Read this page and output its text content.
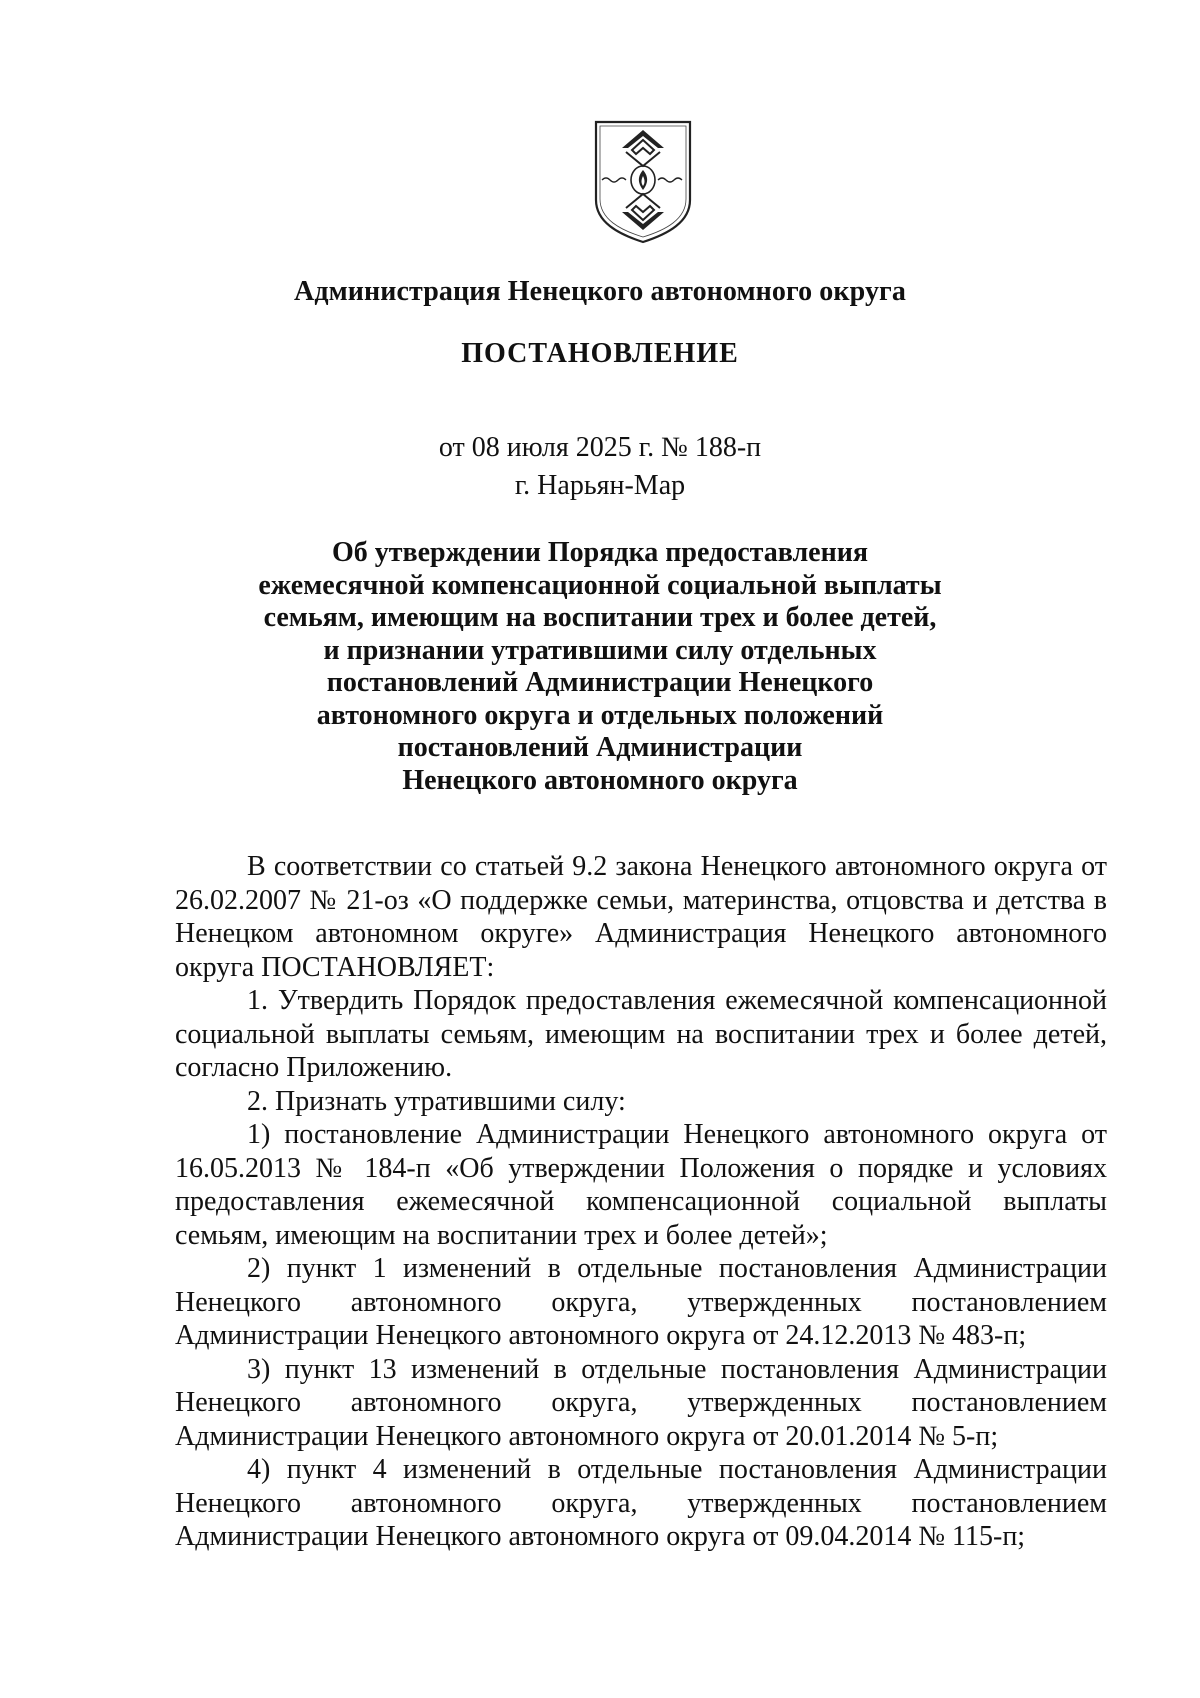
Администрация Ненецкого автономного округа
ПОСТАНОВЛЕНИЕ
от 08 июля 2025 г. № 188-п
г. Нарьян-Мар
Об утверждении Порядка предоставления
ежемесячной компенсационной социальной выплаты
семьям, имеющим на воспитании трех и более детей,
и признании утратившими силу отдельных
постановлений Администрации Ненецкого
автономного округа и отдельных положений
постановлений Администрации
Ненецкого автономного округа

В соответствии со статьей 9.2 закона Ненецкого автономного округа от 26.02.2007 № 21-оз «О поддержке семьи, материнства, отцовства и детства в Ненецком автономном округе» Администрация Ненецкого автономного округа ПОСТАНОВЛЯЕТ:

1. Утвердить Порядок предоставления ежемесячной компенсационной социальной выплаты семьям, имеющим на воспитании трех и более детей, согласно Приложению.

2. Признать утратившими силу:

1) постановление Администрации Ненецкого автономного округа от 16.05.2013 № 184-п «Об утверждении Положения о порядке и условиях предоставления ежемесячной компенсационной социальной выплаты семьям, имеющим на воспитании трех и более детей»;

2) пункт 1 изменений в отдельные постановления Администрации Ненецкого автономного округа, утвержденных постановлением Администрации Ненецкого автономного округа от 24.12.2013 № 483-п;

3) пункт 13 изменений в отдельные постановления Администрации Ненецкого автономного округа, утвержденных постановлением Администрации Ненецкого автономного округа от 20.01.2014 № 5-п;

4) пункт 4 изменений в отдельные постановления Администрации Ненецкого автономного округа, утвержденных постановлением Администрации Ненецкого автономного округа от 09.04.2014 № 115-п;
